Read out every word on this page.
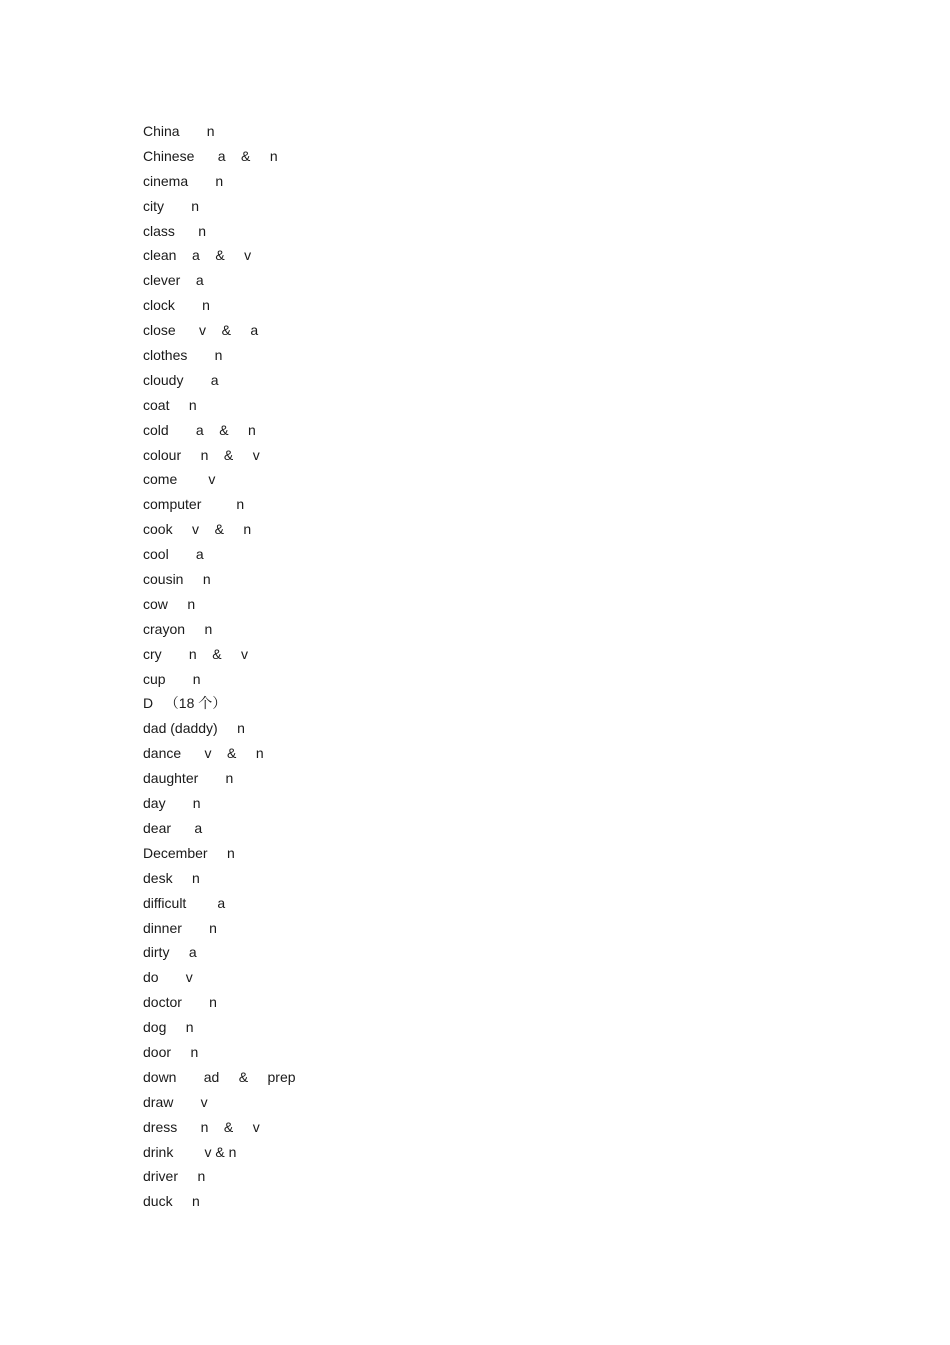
China       n
Chinese      a    &     n
cinema       n
city       n
class      n
clean    a    &     v
clever    a
clock       n
close      v    &     a
clothes       n
cloudy       a
coat     n
cold       a    &     n
colour     n    &     v
come        v
computer         n
cook     v    &     n
cool       a
cousin     n
cow     n
crayon     n
cry       n    &     v
cup       n
D   （18 个）
dad (daddy)     n
dance      v    &     n
daughter       n
day       n
dear      a
December     n
desk     n
difficult        a
dinner       n
dirty     a
do       v
doctor       n
dog     n
door     n
down       ad     &     prep
draw       v
dress      n    &     v
drink        v & n
driver     n
duck     n
